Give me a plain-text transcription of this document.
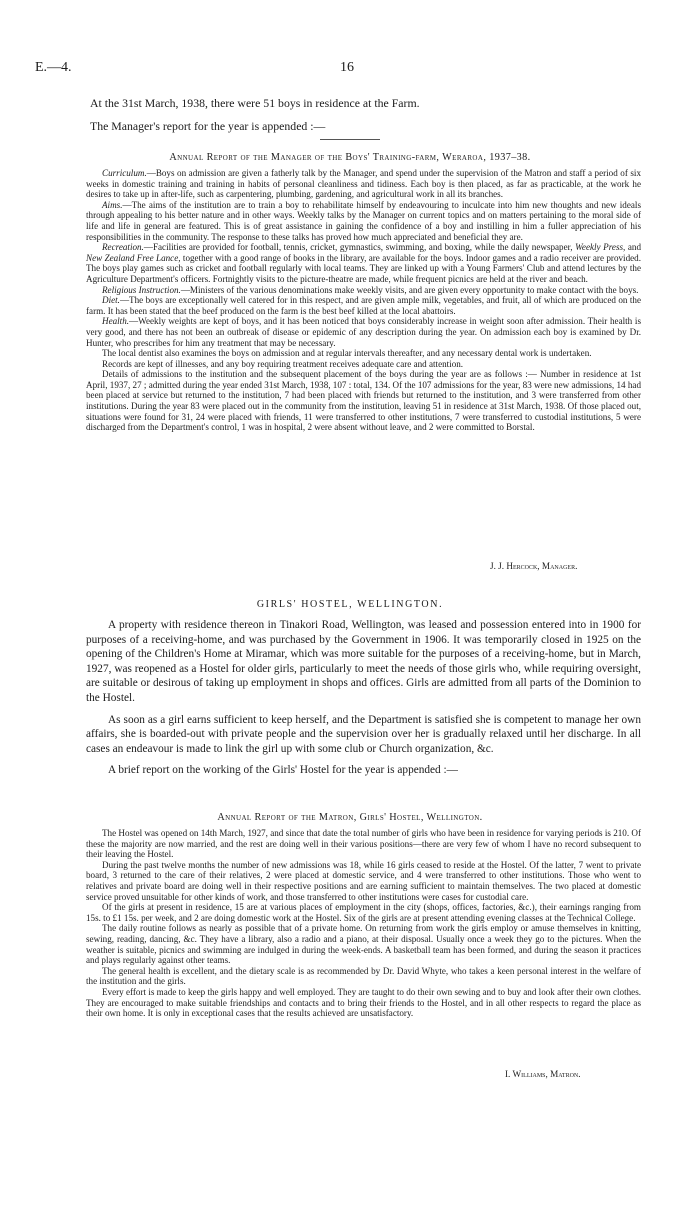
E.—4.	16
At the 31st March, 1938, there were 51 boys in residence at the Farm.
The Manager's report for the year is appended :—
Annual Report of the Manager of the Boys' Training-farm, Weraroa, 1937–38.

Curriculum.—Boys on admission are given a fatherly talk by the Manager, and spend under the supervision of the Matron and staff a period of six weeks in domestic training and training in habits of personal cleanliness and tidiness. Each boy is then placed, as far as practicable, at the work he desires to take up in after-life, such as carpentering, plumbing, gardening, and agricultural work in all its branches.

Aims.—The aims of the institution are to train a boy to rehabilitate himself by endeavouring to inculcate into him new thoughts and new ideals through appealing to his better nature and in other ways. Weekly talks by the Manager on current topics and on matters pertaining to the moral side of life and life in general are featured. This is of great assistance in gaining the confidence of a boy and instilling in him a fuller appreciation of his responsibilities in the community. The response to these talks has proved how much appreciated and beneficial they are.

Recreation.—Facilities are provided for football, tennis, cricket, gymnastics, swimming, and boxing, while the daily newspaper, Weekly Press, and New Zealand Free Lance, together with a good range of books in the library, are available for the boys. Indoor games and a radio receiver are provided. The boys play games such as cricket and football regularly with local teams. They are linked up with a Young Farmers' Club and attend lectures by the Agriculture Department's officers. Fortnightly visits to the picture-theatre are made, while frequent picnics are held at the river and beach.

Religious Instruction.—Ministers of the various denominations make weekly visits, and are given every opportunity to make contact with the boys.

Diet.—The boys are exceptionally well catered for in this respect, and are given ample milk, vegetables, and fruit, all of which are produced on the farm. It has been stated that the beef produced on the farm is the best beef killed at the local abattoirs.

Health.—Weekly weights are kept of boys, and it has been noticed that boys considerably increase in weight soon after admission. Their health is very good, and there has not been an outbreak of disease or epidemic of any description during the year. On admission each boy is examined by Dr. Hunter, who prescribes for him any treatment that may be necessary.

The local dentist also examines the boys on admission and at regular intervals thereafter, and any necessary dental work is undertaken.

Records are kept of illnesses, and any boy requiring treatment receives adequate care and attention.

Details of admissions to the institution and the subsequent placement of the boys during the year are as follows :— Number in residence at 1st April, 1937, 27 ; admitted during the year ended 31st March, 1938, 107 : total, 134. Of the 107 admissions for the year, 83 were new admissions, 14 had been placed at service but returned to the institution, 7 had been placed with friends but returned to the institution, and 3 were transferred from other institutions. During the year 83 were placed out in the community from the institution, leaving 51 in residence at 31st March, 1938. Of those placed out, situations were found for 31, 24 were placed with friends, 11 were transferred to other institutions, 7 were transferred to custodial institutions, 5 were discharged from the Department's control, 1 was in hospital, 2 were absent without leave, and 2 were committed to Borstal.

J. J. Hercock, Manager.
GIRLS' HOSTEL, WELLINGTON.

A property with residence thereon in Tinakori Road, Wellington, was leased and possession entered into in 1900 for purposes of a receiving-home, and was purchased by the Government in 1906. It was temporarily closed in 1925 on the opening of the Children's Home at Miramar, which was more suitable for the purposes of a receiving-home, but in March, 1927, was reopened as a Hostel for older girls, particularly to meet the needs of those girls who, while requiring oversight, are suitable or desirous of taking up employment in shops and offices. Girls are admitted from all parts of the Dominion to the Hostel.

As soon as a girl earns sufficient to keep herself, and the Department is satisfied she is competent to manage her own affairs, she is boarded-out with private people and the supervision over her is gradually relaxed until her discharge. In all cases an endeavour is made to link the girl up with some club or Church organization, &c.

A brief report on the working of the Girls' Hostel for the year is appended :—

Annual Report of the Matron, Girls' Hostel, Wellington.

The Hostel was opened on 14th March, 1927, and since that date the total number of girls who have been in residence for varying periods is 210. Of these the majority are now married, and the rest are doing well in their various positions—there are very few of whom I have no record subsequent to their leaving the Hostel.

During the past twelve months the number of new admissions was 18, while 16 girls ceased to reside at the Hostel. Of the latter, 7 went to private board, 3 returned to the care of their relatives, 2 were placed at domestic service, and 4 were transferred to other institutions. Those who went to relatives and private board are doing well in their respective positions and are earning sufficient to maintain themselves. The two placed at domestic service proved unsuitable for other kinds of work, and those transferred to other institutions were cases for custodial care.

Of the girls at present in residence, 15 are at various places of employment in the city (shops, offices, factories, &c.), their earnings ranging from 15s. to £1 15s. per week, and 2 are doing domestic work at the Hostel. Six of the girls are at present attending evening classes at the Technical College.

The daily routine follows as nearly as possible that of a private home. On returning from work the girls employ or amuse themselves in knitting, sewing, reading, dancing, &c. They have a library, also a radio and a piano, at their disposal. Usually once a week they go to the pictures. When the weather is suitable, picnics and swimming are indulged in during the week-ends. A basketball team has been formed, and during the season it practices and plays regularly against other teams.

The general health is excellent, and the dietary scale is as recommended by Dr. David Whyte, who takes a keen personal interest in the welfare of the institution and the girls.

Every effort is made to keep the girls happy and well employed. They are taught to do their own sewing and to buy and look after their own clothes. They are encouraged to make suitable friendships and contacts and to bring their friends to the Hostel, and in all other respects to regard the place as their own home. It is only in exceptional cases that the results achieved are unsatisfactory.

I. Williams, Matron.
